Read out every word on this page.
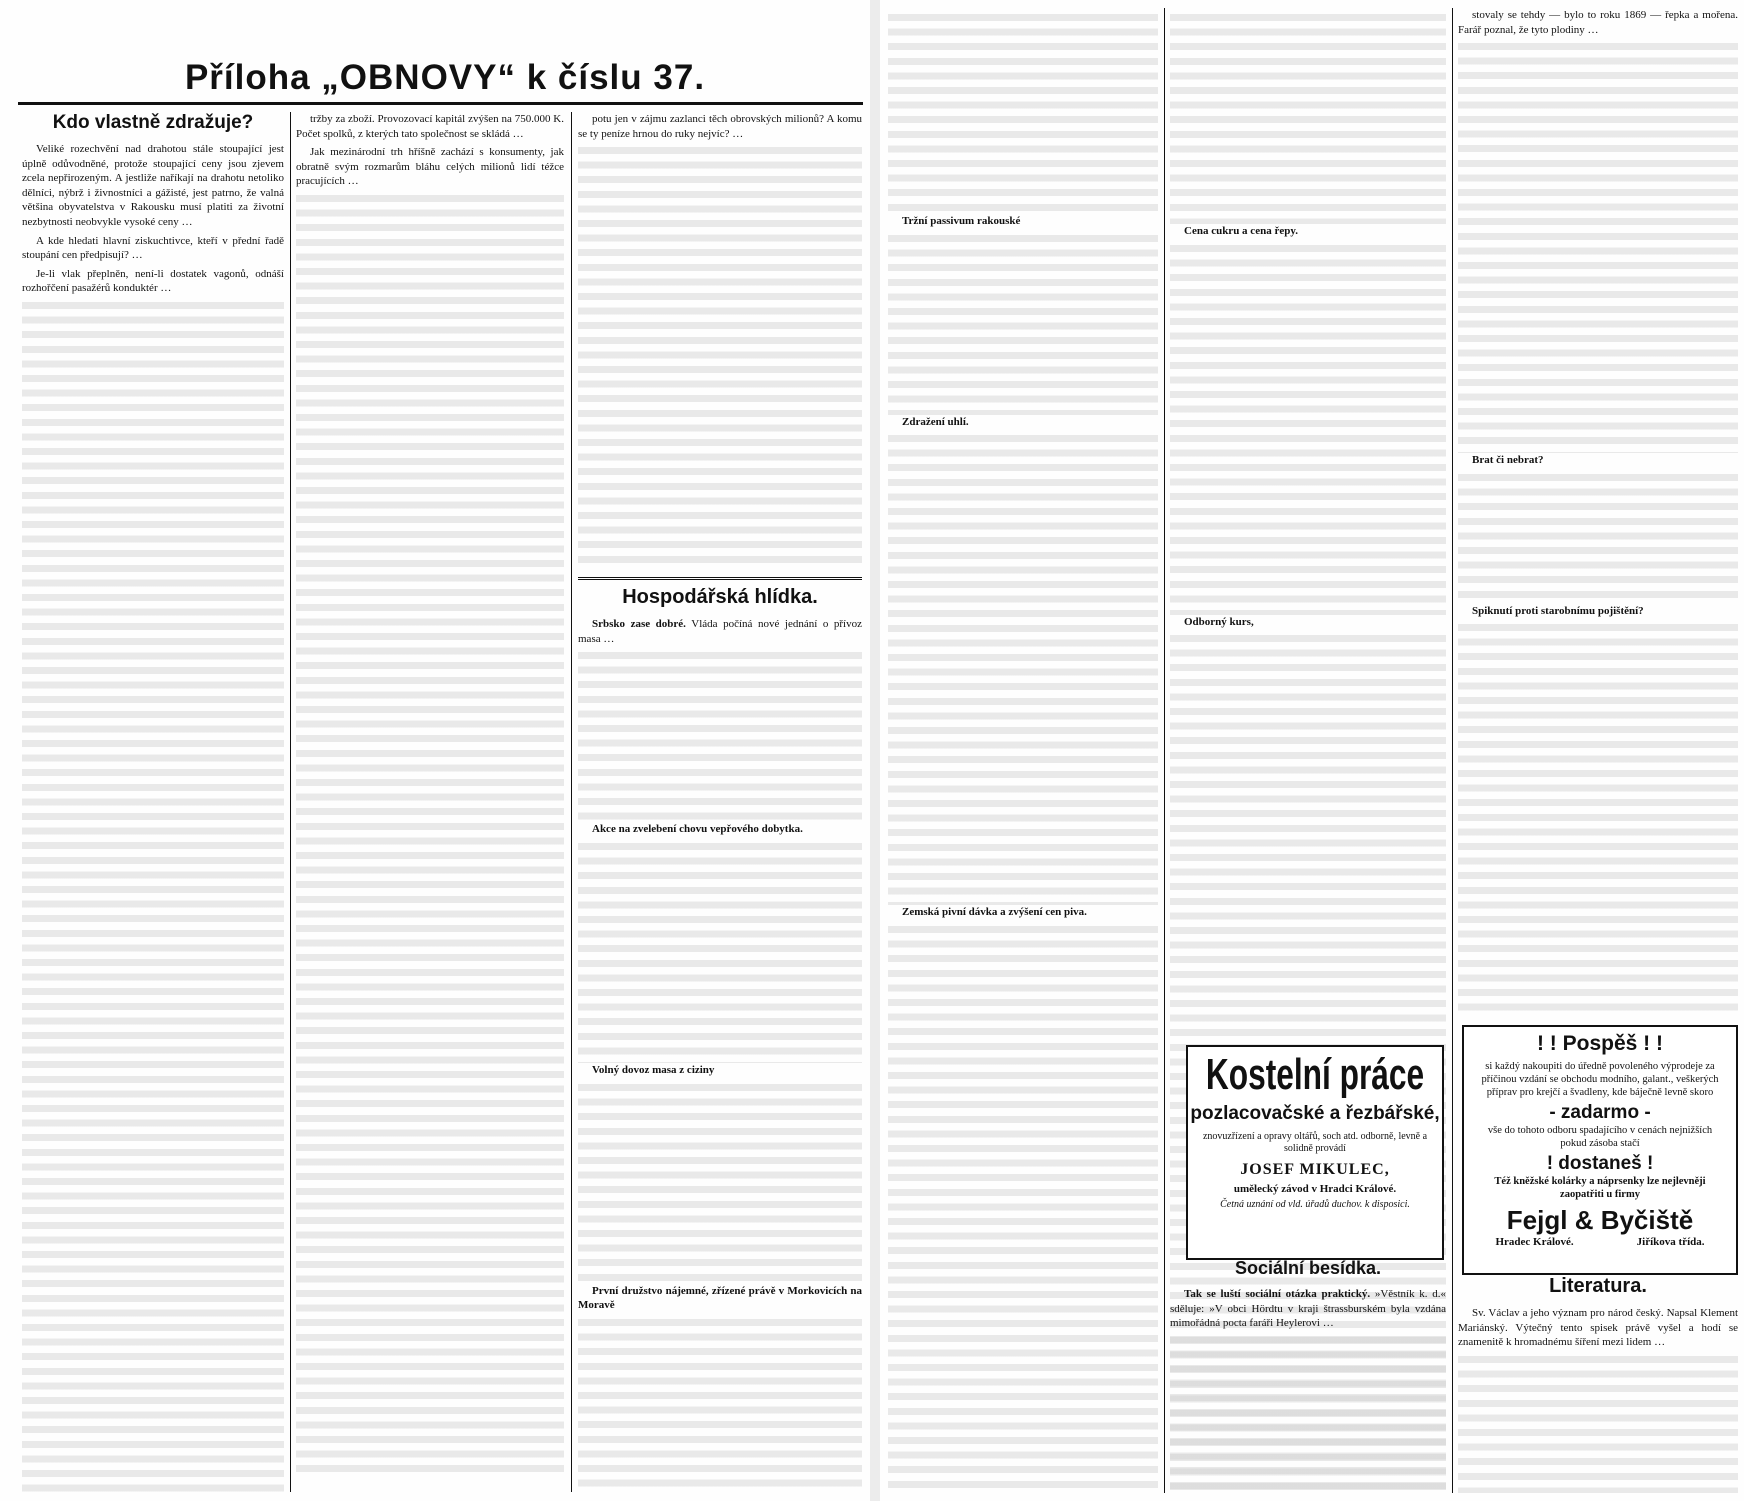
Příloha „OBNOVY“ k číslu 37.
Kdo vlastně zdražuje?

Veliké rozechvění nad drahotou stále stoupající jest úplně odůvodněné, protože stoupající ceny jsou zjevem zcela nepřirozeným. A jestliže naříkají na drahotu netoliko dělníci, nýbrž i živnostníci a gážisté, jest patrno, že valná většina obyvatelstva v Rakousku musí platiti za životní nezbytnosti neobvykle vysoké ceny …

A kde hledati hlavní ziskuchtivce, kteří v přední řadě stoupání cen předpisují? …

Je-li vlak přeplněn, není-li dostatek vagonů, odnáší rozhořčení pasažérů konduktér …

tržby za zboží. Provozovací kapitál zvýšen na 750.000 K. Počet spolků, z kterých tato společnost se skládá …

Jak mezinárodní trh hříšně zachází s konsumenty, jak obratně svým rozmarům bláhu celých milionů lidí téžce pracujících …

potu jen v zájmu zazlanci těch obrovských milionů? A komu se ty peníze hrnou do ruky nejvíc? …

Hospodářská hlídka.

Srbsko zase dobré. Vláda počíná nové jednání o přívoz masa …

Akce na zvelebení chovu vepřového dobytka.

Volný dovoz masa z ciziny

První družstvo nájemné, zřízené právě v Morkovicích na Moravě

Tržní passivum rakouské

Zdražení uhlí.

Zemská pivní dávka a zvýšení cen piva.

Cena cukru a cena řepy.

Odborný kurs,

Kostelní práce
pozlacovačské a řezbářské,
znovuzřízení a opravy oltářů, soch atd. odborně, levně a solidně provádí
JOSEF MIKULEC,
umělecký závod v Hradci Králové.
Četná uznání od vld. úřadů duchov. k disposici.
Sociální besídka.

Tak se luští sociální otázka praktický. »Věstník k. d.« sděluje: »V obci Hördtu v kraji štrassburském byla vzdána mimořádná pocta faráři Heylerovi …

stovaly se tehdy — bylo to roku 1869 — řepka a mořena. Farář poznal, že tyto plodiny …

Brat či nebrat?

Spiknutí proti starobnímu pojištění?

! ! Pospěš ! !
si každý nakoupiti do úředně povoleného výprodeje za příčinou vzdání se obchodu modního, galant., veškerých příprav pro krejčí a švadleny, kde báječně levně skoro
- zadarmo -
vše do tohoto odboru spadajícího v cenách nejnižších pokud zásoba stačí
! dostaneš !
Též kněžské kolárky a náprsenky lze nejlevněji zaopatřiti u firmy
Fejgl & Byčiště
Hradec Králové.	Jiříkova třída.
Literatura.

Sv. Václav a jeho význam pro národ český. Napsal Klement Mariánský. Výtečný tento spisek právě vyšel a hodí se znamenitě k hromadnému šíření mezi lidem …
